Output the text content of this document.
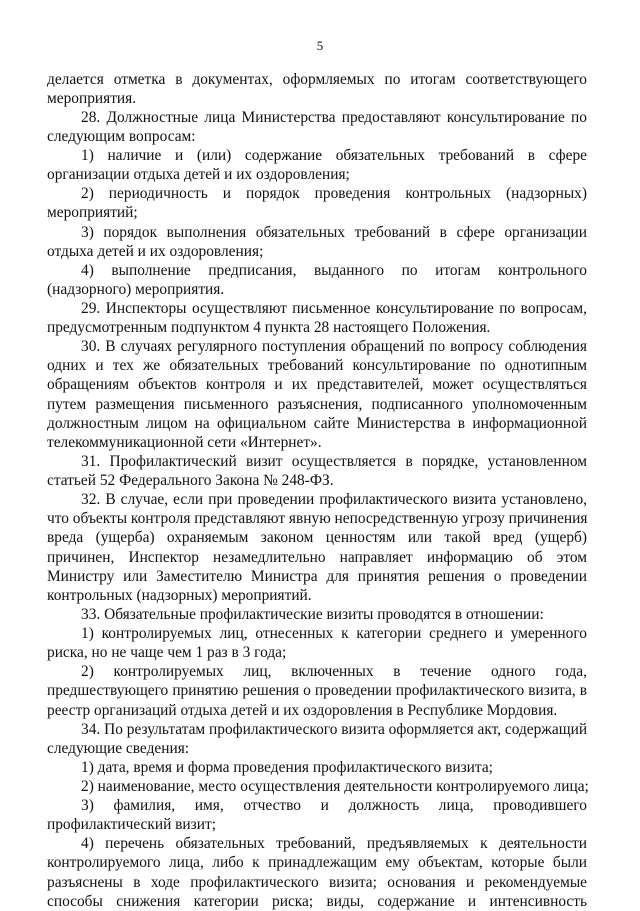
5
делается отметка в документах, оформляемых по итогам соответствующего
мероприятия.
28. Должностные лица Министерства предоставляют консультирование по
следующим вопросам:
1) наличие и (или) содержание обязательных требований в сфере
организации отдыха детей и их оздоровления;
2) периодичность и порядок проведения контрольных (надзорных)
мероприятий;
3) порядок выполнения обязательных требований в сфере организации
отдыха детей и их оздоровления;
4) выполнение предписания, выданного по итогам контрольного
(надзорного) мероприятия.
29. Инспекторы осуществляют письменное консультирование по вопросам,
предусмотренным подпунктом 4 пункта 28 настоящего Положения.
30. В случаях регулярного поступления обращений по вопросу соблюдения
одних и тех же обязательных требований консультирование по однотипным
обращениям объектов контроля и их представителей, может осуществляться
путем размещения письменного разъяснения, подписанного уполномоченным
должностным лицом на официальном сайте Министерства в информационной
телекоммуникационной сети «Интернет».
31. Профилактический визит осуществляется в порядке, установленном
статьей 52 Федерального Закона № 248-ФЗ.
32. В случае, если при проведении профилактического визита установлено,
что объекты контроля представляют явную непосредственную угрозу причинения
вреда (ущерба) охраняемым законом ценностям или такой вред (ущерб)
причинен, Инспектор незамедлительно направляет информацию об этом
Министру или Заместителю Министра для принятия решения о проведении
контрольных (надзорных) мероприятий.
33. Обязательные профилактические визиты проводятся в отношении:
1) контролируемых лиц, отнесенных к категории среднего и умеренного
риска, но не чаще чем 1 раз в 3 года;
2) контролируемых лиц, включенных в течение одного года,
предшествующего принятию решения о проведении профилактического визита, в
реестр организаций отдыха детей и их оздоровления в Республике Мордовия.
34. По результатам профилактического визита оформляется акт, содержащий
следующие сведения:
1) дата, время и форма проведения профилактического визита;
2) наименование, место осуществления деятельности контролируемого лица;
3) фамилия, имя, отчество и должность лица, проводившего
профилактический визит;
4) перечень обязательных требований, предъявляемых к деятельности
контролируемого лица, либо к принадлежащим ему объектам, которые были
разъяснены в ходе профилактического визита; основания и рекомендуемые
способы снижения категории риска; виды, содержание и интенсивность
